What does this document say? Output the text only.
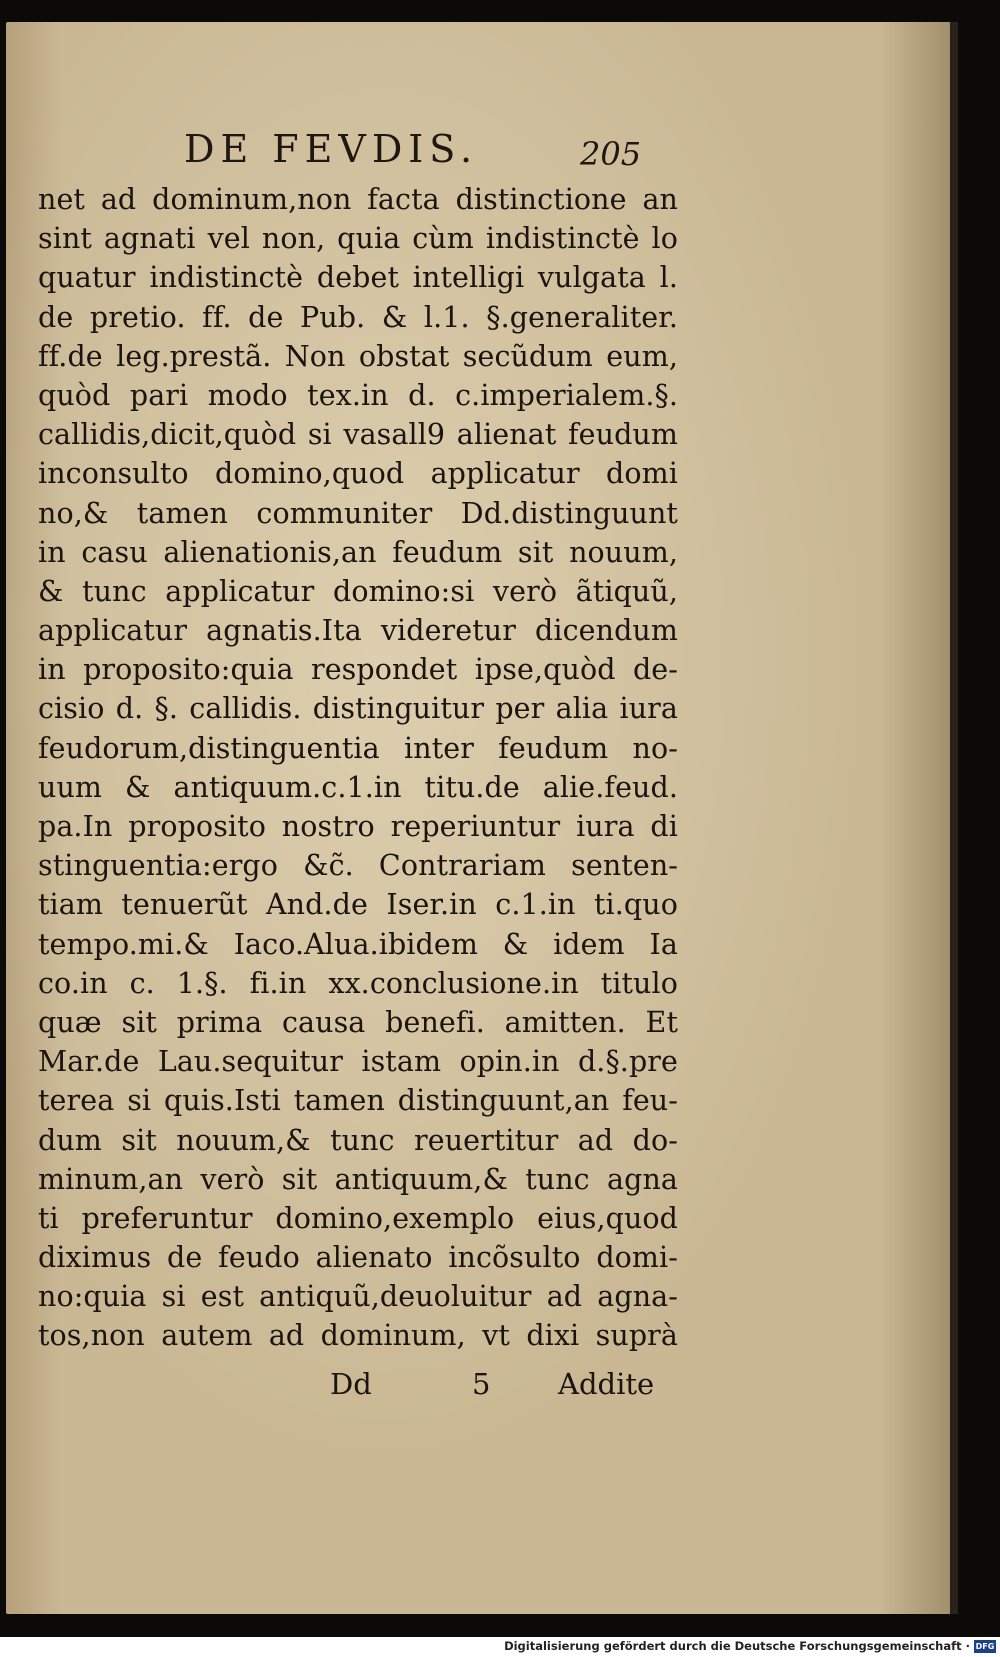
DE FEVDIS.	205
net ad dominum,non facta distinctione an
sint agnati vel non, quia cùm indistinctè lo
quatur indistinctè debet intelligi vulgata l.
de pretio. ff. de Pub. & l.1. §.generaliter.
ff.de leg.prestã. Non obstat secũdum eum,
quòd pari modo tex.in d. c.imperialem.§.
callidis,dicit,quòd si vasall9 alienat feudum
inconsulto domino,quod applicatur domi
no,& tamen communiter Dd.distinguunt
in casu alienationis,an feudum sit nouum,
& tunc applicatur domino:si verò ãtiquũ,
applicatur agnatis.Ita videretur dicendum
in proposito:quia respondet ipse,quòd de-
cisio d. §. callidis. distinguitur per alia iura
feudorum,distinguentia inter feudum no-
uum & antiquum.c.1.in titu.de alie.feud.
pa.In proposito nostro reperiuntur iura di
stinguentia:ergo &c̃. Contrariam senten-
tiam tenuerũt And.de Iser.in c.1.in ti.quo
tempo.mi.& Iaco.Alua.ibidem & idem Ia
co.in c. 1.§. fi.in xx.conclusione.in titulo
quæ sit prima causa benefi. amitten. Et
Mar.de Lau.sequitur istam opin.in d.§.pre
terea si quis.Isti tamen distinguunt,an feu-
dum sit nouum,& tunc reuertitur ad do-
minum,an verò sit antiquum,& tunc agna
ti preferuntur domino,exemplo eius,quod
diximus de feudo alienato incõsulto domi-
no:quia si est antiquũ,deuoluitur ad agna-
tos,non autem ad dominum, vt dixi suprà
Dd	5 Addite
Digitalisierung gefördert durch die Deutsche Forschungsgemeinschaft · DFG
